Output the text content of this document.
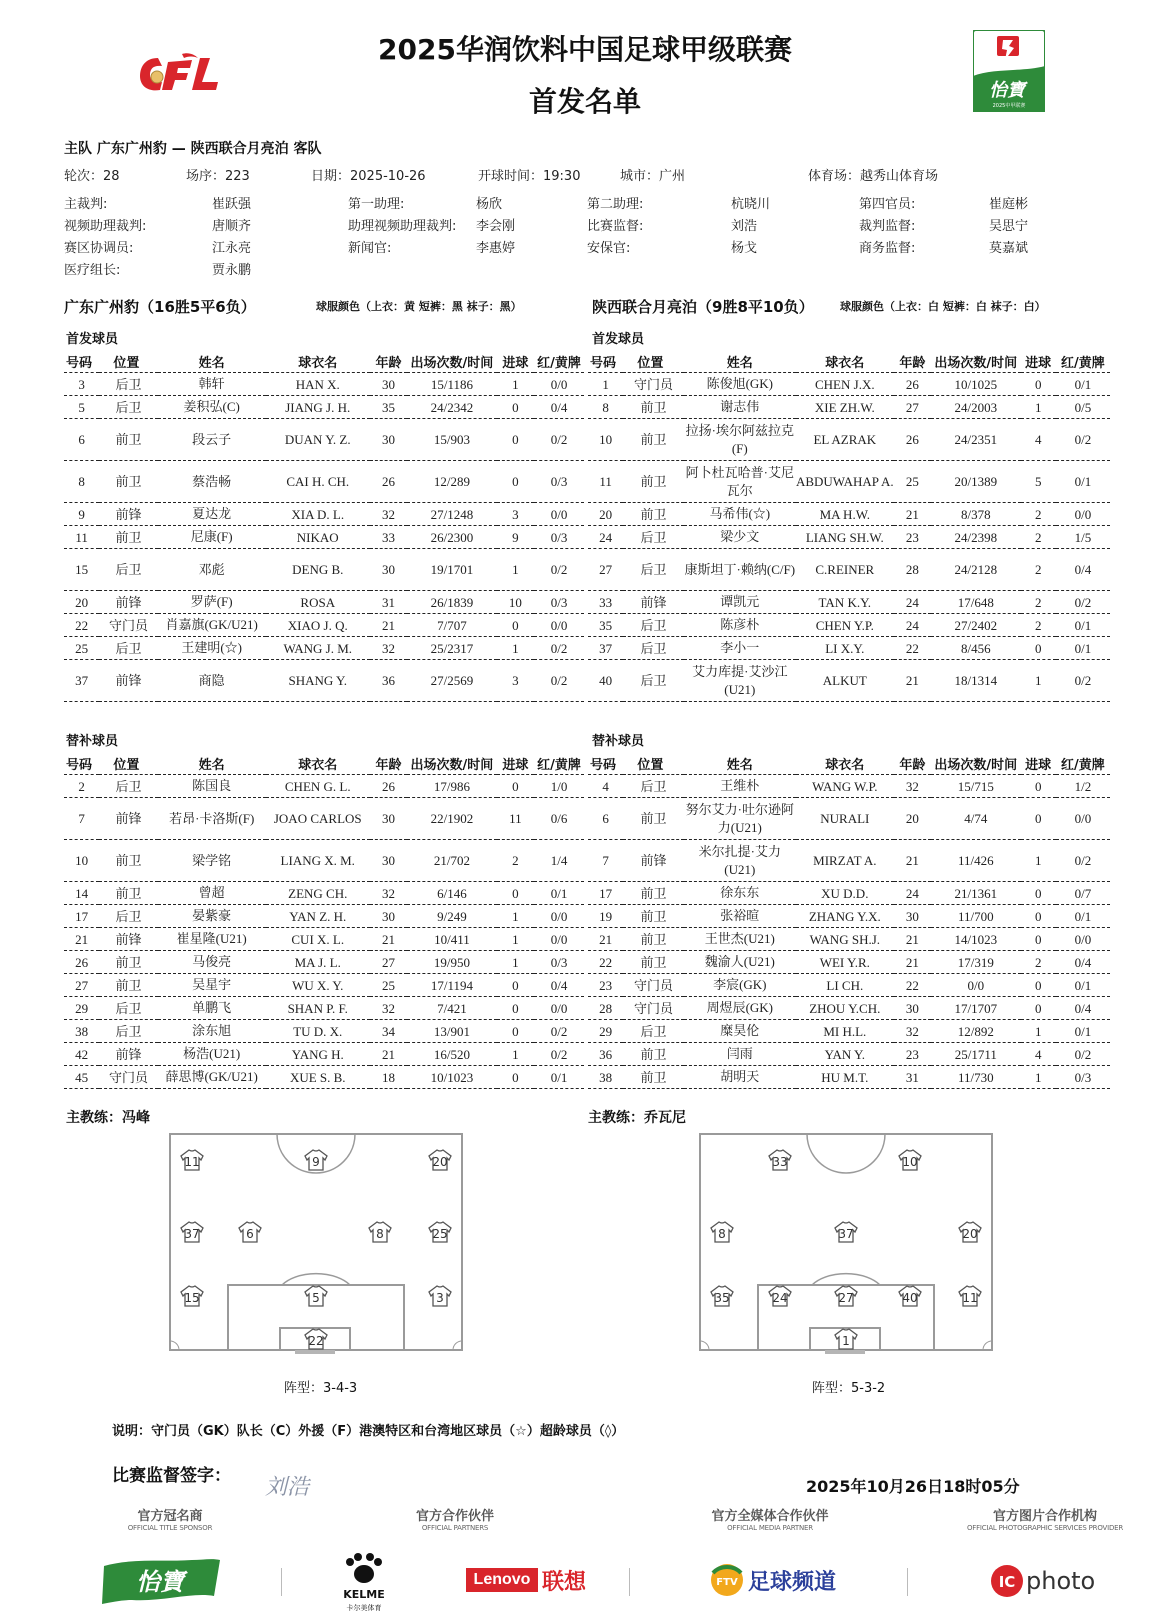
2025华润饮料中国足球甲级联赛
首发名单	怡寶
2025中甲联赛
主队 广东广州豹 — 陕西联合月亮泊 客队
轮次：28	场序：223	日期：2025-10-26	开球时间：19:30	城市：广州	体育场：越秀山体育场
主裁判:	崔跃强	第一助理:	杨欣	第二助理:	杭晓川	第四官员:	崔庭彬
视频助理裁判:	唐顺齐	助理视频助理裁判: 李会刚	比赛监督:	刘浩	裁判监督:	吴思宁
赛区协调员:	江永亮	新闻官:	李惠婷	安保官:	杨戈	商务监督:	莫嘉斌
医疗组长:	贾永鹏
广东广州豹（16胜5平6负）	球服颜色（上衣：黄 短裤：黑 袜子：黑）
首发球员
号码	位置	姓名	球衣名	年龄	出场次数/时间	进球	红/黄牌
3	后卫	韩轩	HAN X.	30	15/1186	1	0/0
5	后卫	姜积弘(C)	JIANG J. H.	35	24/2342	0	0/4
6	前卫	段云子	DUAN Y. Z.	30	15/903	0	0/2
8	前卫	蔡浩畅	CAI H. CH.	26	12/289	0	0/3
9	前锋	夏达龙	XIA D. L.	32	27/1248	3	0/0
11	前卫	尼康(F)	NIKAO	33	26/2300	9	0/3
15	后卫	邓彪	DENG B.	30	19/1701	1	0/2
20	前锋	罗萨(F)	ROSA	31	26/1839	10	0/3
22	守门员	肖嘉旗(GK/U21)	XIAO J. Q.	21	7/707	0	0/0
25	后卫	王建明(☆)	WANG J. M.	32	25/2317	1	0/2
37	前锋	商隐	SHANG Y.	36	27/2569	3	0/2
替补球员
号码	位置	姓名	球衣名	年龄	出场次数/时间	进球	红/黄牌
2	后卫	陈国良	CHEN G. L.	26	17/986	0	1/0
7	前锋	若昂·卡洛斯(F)	JOAO CARLOS	30	22/1902	11	0/6
10	前卫	梁学铭	LIANG X. M.	30	21/702	2	1/4
14	前卫	曾超	ZENG CH.	32	6/146	0	0/1
17	后卫	晏紫豪	YAN Z. H.	30	9/249	1	0/0
21	前锋	崔星隆(U21)	CUI X. L.	21	10/411	1	0/0
26	前卫	马俊亮	MA J. L.	27	19/950	1	0/3
27	前卫	吴星宇	WU X. Y.	25	17/1194	0	0/4
29	后卫	单鹏飞	SHAN P. F.	32	7/421	0	0/0
38	后卫	涂东旭	TU D. X.	34	13/901	0	0/2
42	前锋	杨浩(U21)	YANG H.	21	16/520	1	0/2
45	守门员	薛思博(GK/U21)	XUE S. B.	18	10/1023	0	0/1
陕西联合月亮泊（9胜8平10负） 球服颜色（上衣：白 短裤：白 袜子：白）
首发球员
号码	位置	姓名	球衣名	年龄	出场次数/时间	进球	红/黄牌
1	守门员	陈俊旭(GK)	CHEN J.X.	26	10/1025	0	0/1
8	前卫	谢志伟	XIE ZH.W.	27	24/2003	1	0/5
10	前卫	拉扬·埃尔阿兹拉克(F)	EL AZRAK	26	24/2351	4	0/2
11	前卫	阿卜杜瓦哈普·艾尼瓦尔	ABDUWAHAP A.	25	20/1389	5	0/1
20	前卫	马希伟(☆)	MA H.W.	21	8/378	2	0/0
24	后卫	梁少文	LIANG SH.W.	23	24/2398	2	1/5
27	后卫	康斯坦丁·赖纳(C/F)	C.REINER	28	24/2128	2	0/4
33	前锋	谭凯元	TAN K.Y.	24	17/648	2	0/2
35	后卫	陈彦朴	CHEN Y.P.	24	27/2402	2	0/1
37	后卫	李小一	LI X.Y.	22	8/456	0	0/1
40	后卫	艾力库提·艾沙江(U21)	ALKUT	21	18/1314	1	0/2
替补球员
号码	位置	姓名	球衣名	年龄	出场次数/时间	进球	红/黄牌
4	后卫	王维朴	WANG W.P.	32	15/715	0	1/2
6	前卫	努尔艾力·吐尔逊阿力(U21)	NURALI	20	4/74	0	0/0
7	前锋	米尔扎提·艾力(U21)	MIRZAT A.	21	11/426	1	0/2
17	前卫	徐东东	XU D.D.	24	21/1361	0	0/7
19	前卫	张裕暄	ZHANG Y.X.	30	11/700	0	0/1
21	前卫	王世杰(U21)	WANG SH.J.	21	14/1023	0	0/0
22	前卫	魏渝人(U21)	WEI Y.R.	21	17/319	2	0/4
23	守门员	李宸(GK)	LI CH.	22	0/0	0	0/1
28	守门员	周煜辰(GK)	ZHOU Y.CH.	30	17/1707	0	0/4
29	后卫	糜昊伦	MI H.L.	32	12/892	1	0/1
36	前卫	闫雨	YAN Y.	23	25/1711	4	0/2
38	前卫	胡明天	HU M.T.	31	11/730	1	0/3
主教练：冯峰	主教练：乔瓦尼
11	9	20
37	6	8	25
15	5	3
22
33	10
8	37	20
35	24	27	40	11
1
阵型：3-4-3	阵型：5-3-2
说明：守门员（GK）队长（C）外援（F）港澳特区和台湾地区球员（☆）超龄球员（◊）
比赛监督签字： 刘浩	2025年10月26日18时05分
官方冠名商
OFFICIAL TITLE SPONSOR
官方合作伙伴
OFFICIAL PARTNERS
官方全媒体合作伙伴
OFFICIAL MEDIA PARTNER
官方图片合作机构
OFFICIAL PHOTOGRAPHIC SERVICES PROVIDER
怡寶	KELME
卡尔美体育
Lenovo 联想	FTV 足球频道	IC photo
